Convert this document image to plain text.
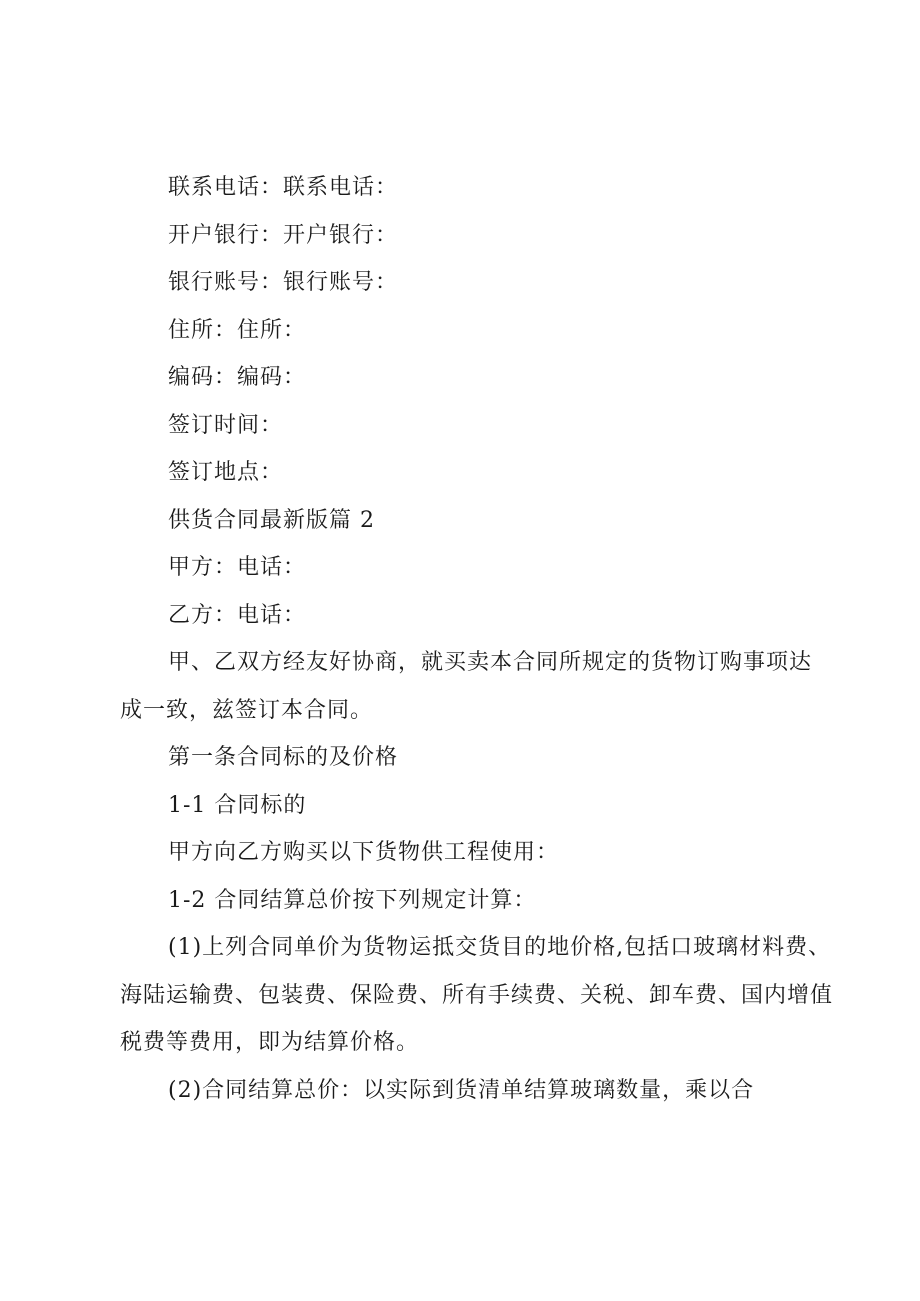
联系电话：联系电话：
开户银行：开户银行：
银行账号：银行账号：
住所：住所：
编码：编码：
签订时间：
签订地点：
供货合同最新版篇 2
甲方：电话：
乙方：电话：
甲、乙双方经友好协商，就买卖本合同所规定的货物订购事项达
成一致，兹签订本合同。
第一条合同标的及价格
1-1 合同标的
甲方向乙方购买以下货物供工程使用：
1-2 合同结算总价按下列规定计算：
(1)上列合同单价为货物运抵交货目的地价格,包括口玻璃材料费、
海陆运输费、包装费、保险费、所有手续费、关税、卸车费、国内增值
税费等费用，即为结算价格。
(2)合同结算总价：以实际到货清单结算玻璃数量，乘以合
